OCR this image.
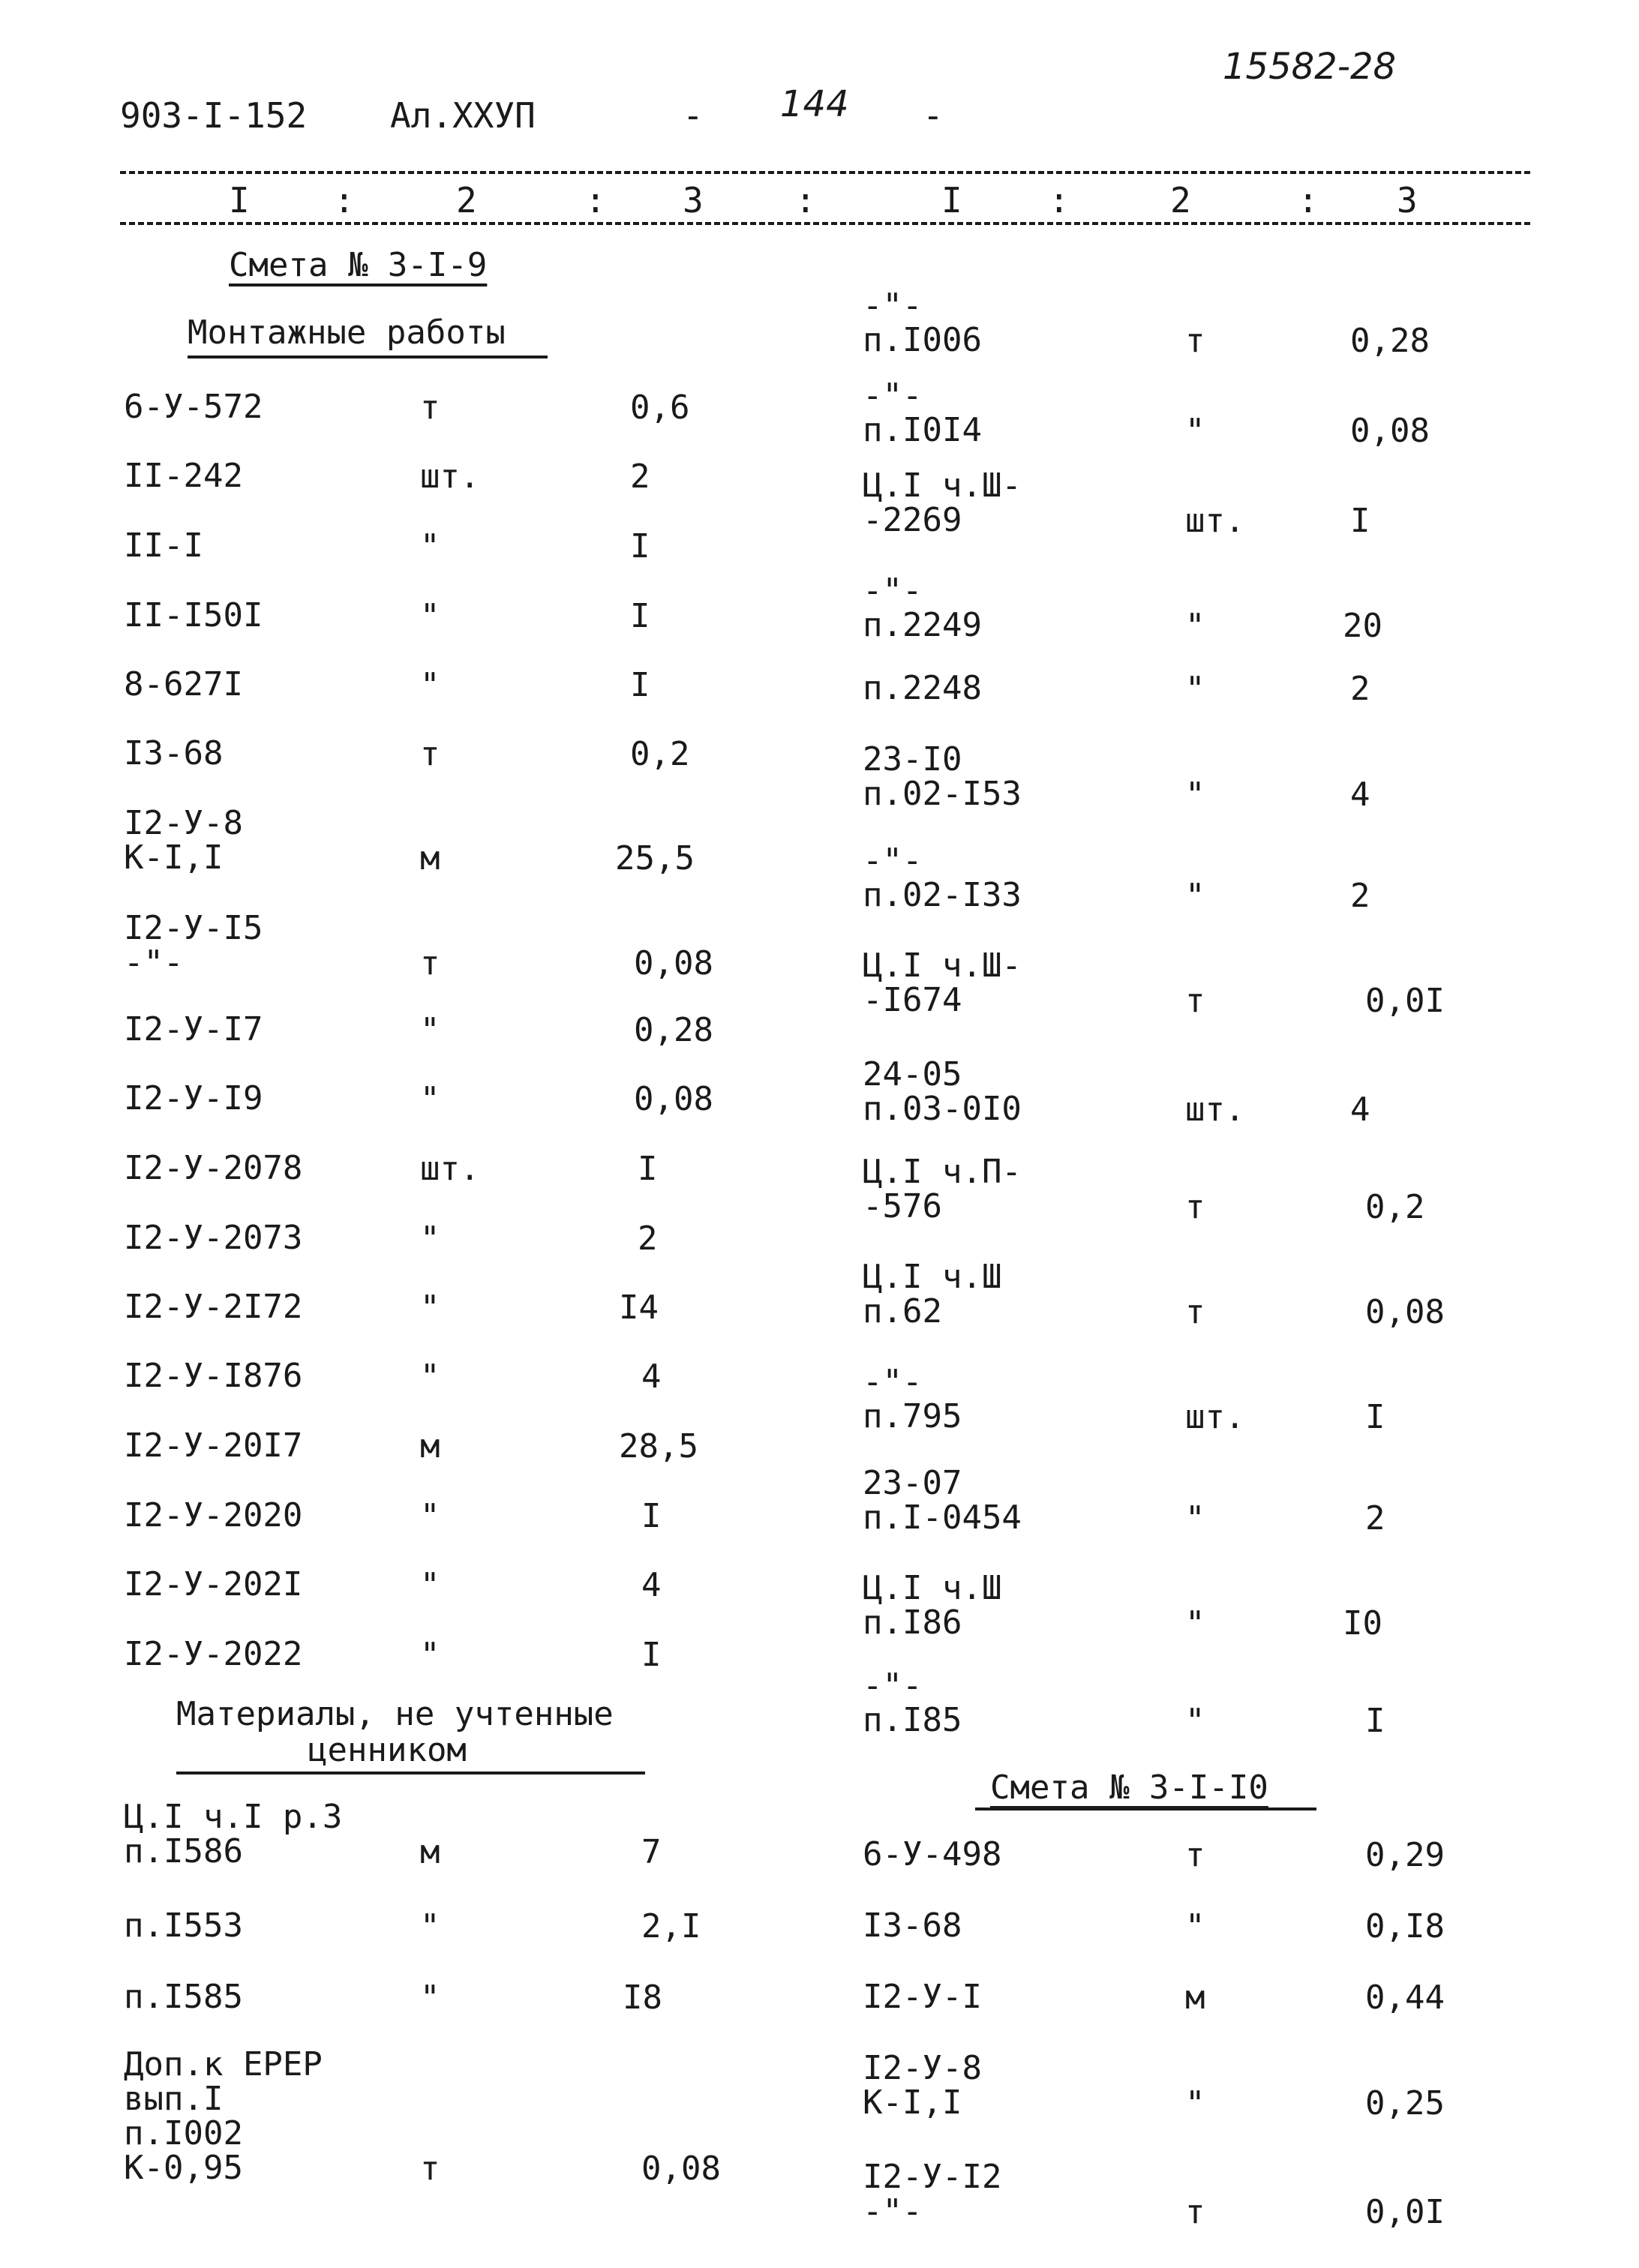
903-I-152 Ал.XXУП	- 144 -
15582-28
I :	2	: 3	:	I	:	2	: 3
Смета № 3-I-9
Монтажные работы
6-У-572	т	0,6
II-242	шт.	2
II-I	"	I
II-I50I	"	I
8-627I	"	I
I3-68	т	0,2
I2-У-8
К-I,I	м	25,5
I2-У-I5
-"-	т	0,08
I2-У-I7	"	0,28
I2-У-I9	"	0,08
I2-У-2078	шт.	I
I2-У-2073	"	2
I2-У-2I72	"	I4
I2-У-I876	"	4
I2-У-20I7	м	28,5
I2-У-2020	"	I
I2-У-202I	"	4
I2-У-2022	"	I
Материалы, не учтенные
ценником
Ц.I ч.I р.3
п.I586	м	7
п.I553	"	2,I
п.I585	"	I8
Доп.к ЕРЕР
вып.I
п.I002
К-0,95	т	0,08
-"-
п.I006	т	0,28
-"-
п.I0I4	"	0,08
Ц.I ч.Ш-
-2269	шт.	I
-"-
п.2249	"	20
п.2248	"	2
23-I0
п.02-I53	"	4
-"-
п.02-I33	"	2
Ц.I ч.Ш-
-I674	т	0,0I
24-05
п.03-0I0	шт.	4
Ц.I ч.П-
-576	т	0,2
Ц.I ч.Ш
п.62	т	0,08
-"-
п.795	шт.	I
23-07
п.I-0454	"	2
Ц.I ч.Ш
п.I86	"	I0
-"-
п.I85	"	I
Смета № 3-I-I0
6-У-498	т	0,29
I3-68	"	0,I8
I2-У-I	м	0,44
I2-У-8
К-I,I	"	0,25
I2-У-I2
-"-	т	0,0I
